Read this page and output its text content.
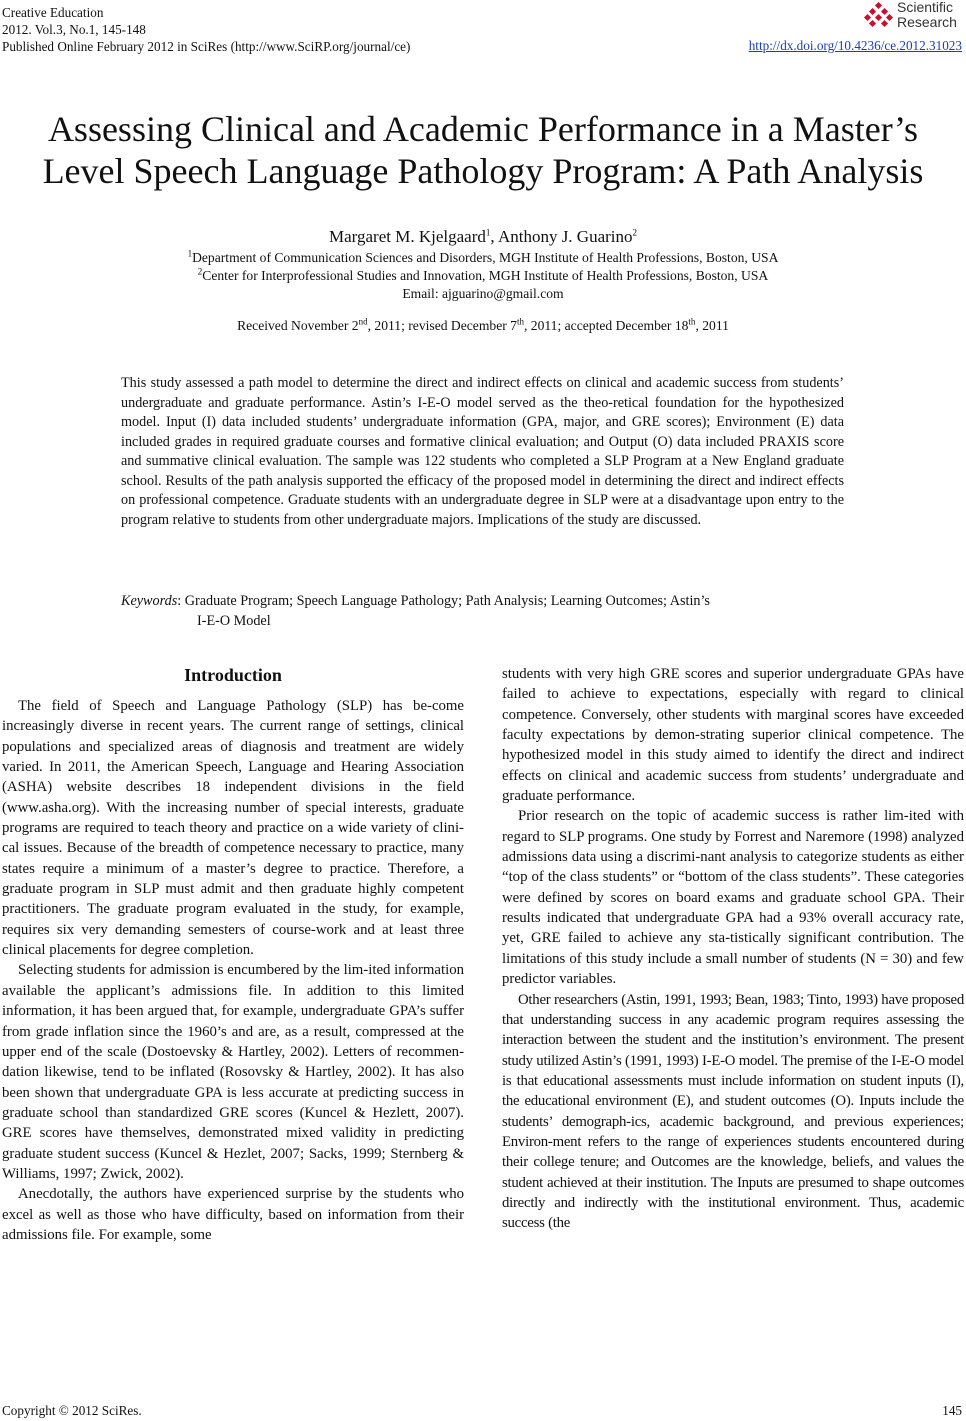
Creative Education
2012. Vol.3, No.1, 145-148
Published Online February 2012 in SciRes (http://www.SciRP.org/journal/ce)
Scientific
Research
http://dx.doi.org/10.4236/ce.2012.31023
Assessing Clinical and Academic Performance in a Master’s
Level Speech Language Pathology Program: A Path Analysis
Margaret M. Kjelgaard$^1$, Anthony J. Guarino$^2$
$^1$Department of Communication Sciences and Disorders, MGH Institute of Health Professions, Boston, USA
$^2$Center for Interprofessional Studies and Innovation, MGH Institute of Health Professions, Boston, USA
Email: ajguarino@gmail.com
Received November 2nd, 2011; revised December 7th, 2011; accepted December 18th, 2011
This study assessed a path model to determine the direct and indirect effects on clinical and academic success from students’ undergraduate and graduate performance. Astin’s I-E-O model served as the theo-retical foundation for the hypothesized model. Input (I) data included students’ undergraduate information (GPA, major, and GRE scores); Environment (E) data included grades in required graduate courses and formative clinical evaluation; and Output (O) data included PRAXIS score and summative clinical evaluation. The sample was 122 students who completed a SLP Program at a New England graduate school. Results of the path analysis supported the efficacy of the proposed model in determining the direct and indirect effects on professional competence. Graduate students with an undergraduate degree in SLP were at a disadvantage upon entry to the program relative to students from other undergraduate majors. Implications of the study are discussed.
Keywords: Graduate Program; Speech Language Pathology; Path Analysis; Learning Outcomes; Astin’s
I-E-O Model
Introduction

The field of Speech and Language Pathology (SLP) has be-come increasingly diverse in recent years. The current range of settings, clinical populations and specialized areas of diagnosis and treatment are widely varied. In 2011, the American Speech, Language and Hearing Association (ASHA) website describes 18 independent divisions in the field (www.asha.org). With the increasing number of special interests, graduate programs are required to teach theory and practice on a wide variety of clini-cal issues. Because of the breadth of competence necessary to practice, many states require a minimum of a master’s degree to practice. Therefore, a graduate program in SLP must admit and then graduate highly competent practitioners. The graduate program evaluated in the study, for example, requires six very demanding semesters of course-work and at least three clinical placements for degree completion.

Selecting students for admission is encumbered by the lim-ited information available the applicant’s admissions file. In addition to this limited information, it has been argued that, for example, undergraduate GPA’s suffer from grade inflation since the 1960’s and are, as a result, compressed at the upper end of the scale (Dostoevsky & Hartley, 2002). Letters of recommen-dation likewise, tend to be inflated (Rosovsky & Hartley, 2002). It has also been shown that undergraduate GPA is less accurate at predicting success in graduate school than standardized GRE scores (Kuncel & Hezlett, 2007). GRE scores have themselves, demonstrated mixed validity in predicting graduate student success (Kuncel & Hezlet, 2007; Sacks, 1999; Sternberg & Williams, 1997; Zwick, 2002).

Anecdotally, the authors have experienced surprise by the students who excel as well as those who have difficulty, based on information from their admissions file. For example, some

students with very high GRE scores and superior undergraduate GPAs have failed to achieve to expectations, especially with regard to clinical competence. Conversely, other students with marginal scores have exceeded faculty expectations by demon-strating superior clinical competence. The hypothesized model in this study aimed to identify the direct and indirect effects on clinical and academic success from students’ undergraduate and graduate performance.

Prior research on the topic of academic success is rather lim-ited with regard to SLP programs. One study by Forrest and Naremore (1998) analyzed admissions data using a discrimi-nant analysis to categorize students as either “top of the class students” or “bottom of the class students”. These categories were defined by scores on board exams and graduate school GPA. Their results indicated that undergraduate GPA had a 93% overall accuracy rate, yet, GRE failed to achieve any sta-tistically significant contribution. The limitations of this study include a small number of students (N = 30) and few predictor variables.

Other researchers (Astin, 1991, 1993; Bean, 1983; Tinto, 1993) have proposed that understanding success in any academic program requires assessing the interaction between the student and the institution’s environment. The present study utilized Astin’s (1991, 1993) I-E-O model. The premise of the I-E-O model is that educational assessments must include information on student inputs (I), the educational environment (E), and student outcomes (O). Inputs include the students’ demograph-ics, academic background, and previous experiences; Environ-ment refers to the range of experiences students encountered during their college tenure; and Outcomes are the knowledge, beliefs, and values the student achieved at their institution. The Inputs are presumed to shape outcomes directly and indirectly with the institutional environment. Thus, academic success (the

Copyright © 2012 SciRes.	145
